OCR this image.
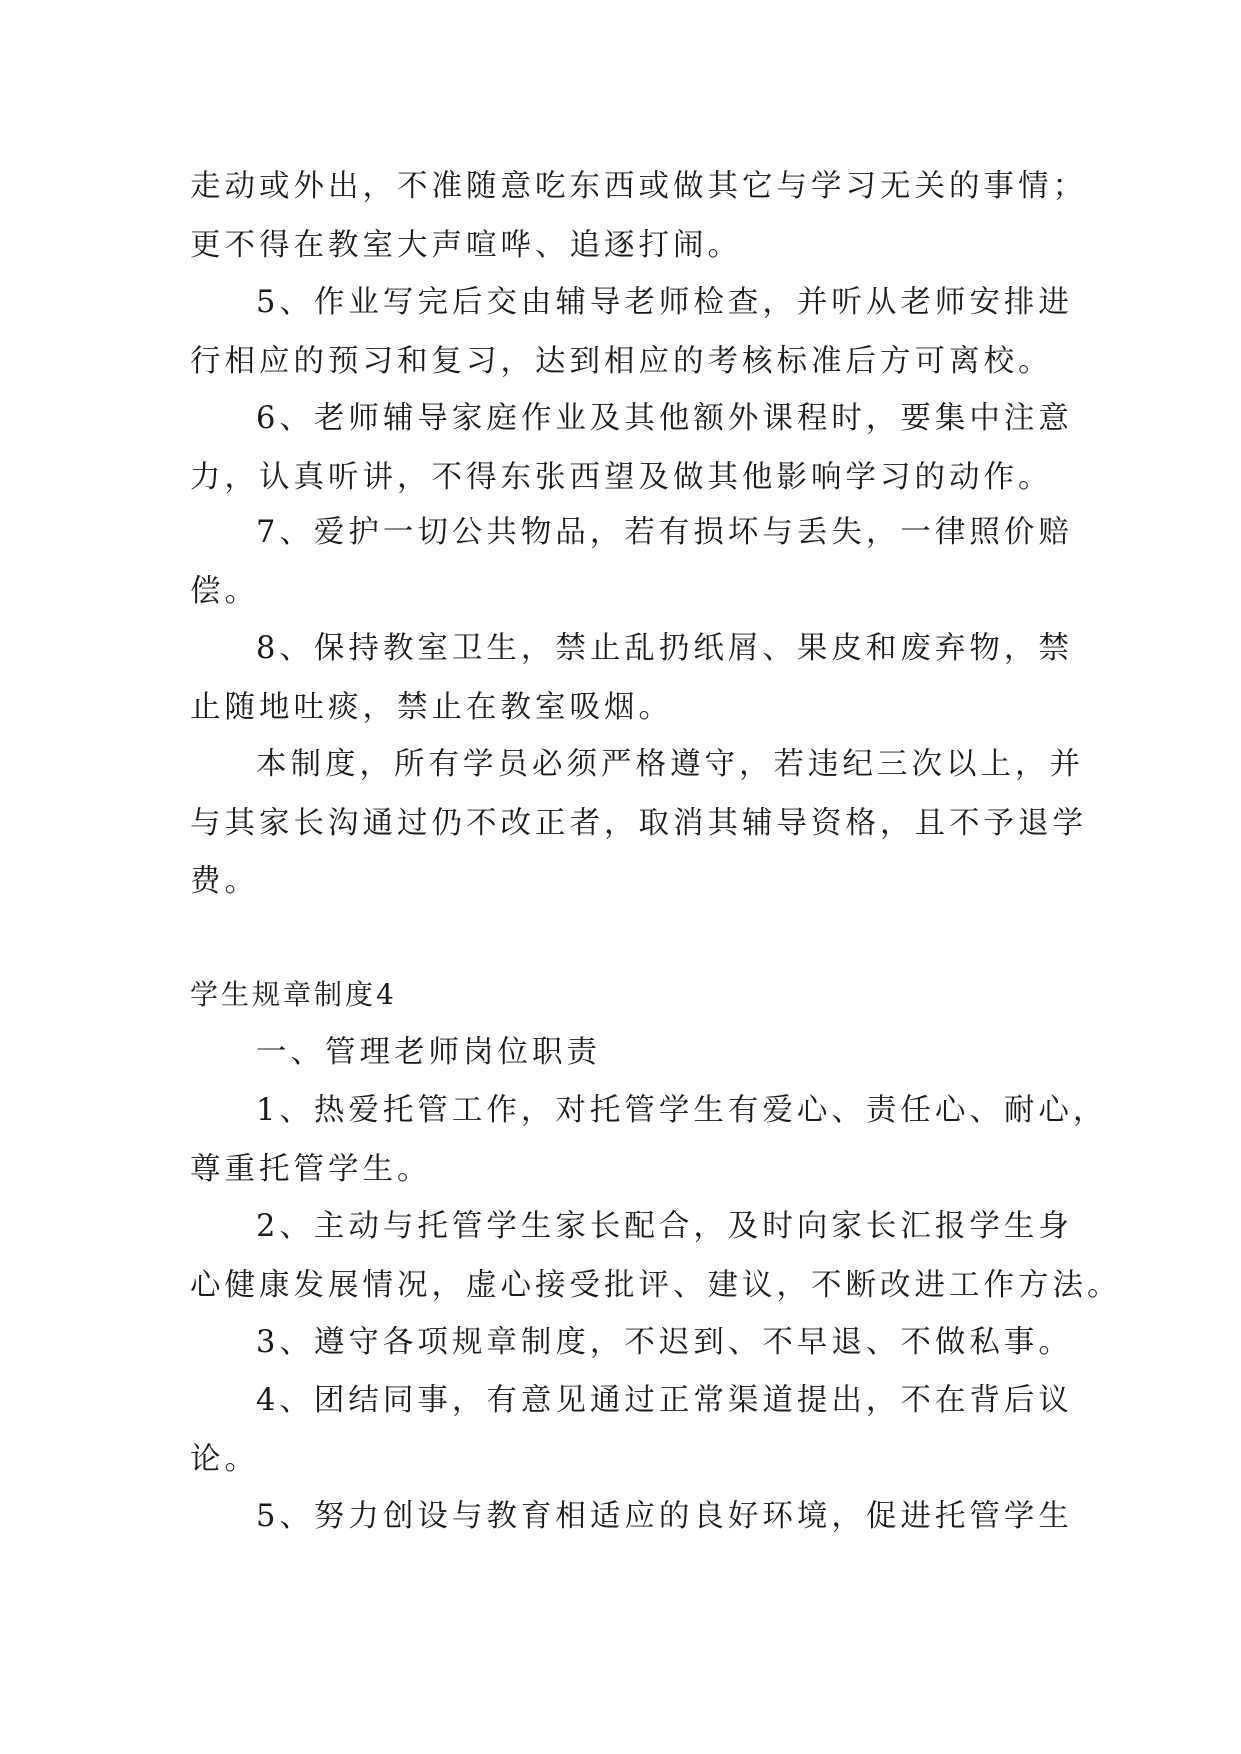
走动或外出，不准随意吃东西或做其它与学习无关的事情；
更不得在教室大声喧哗、追逐打闹。

5、作业写完后交由辅导老师检查，并听从老师安排进
行相应的预习和复习，达到相应的考核标准后方可离校。

6、老师辅导家庭作业及其他额外课程时，要集中注意
力，认真听讲，不得东张西望及做其他影响学习的动作。

7、爱护一切公共物品，若有损坏与丢失，一律照价赔
偿。

8、保持教室卫生，禁止乱扔纸屑、果皮和废弃物，禁
止随地吐痰，禁止在教室吸烟。

本制度，所有学员必须严格遵守，若违纪三次以上，并
与其家长沟通过仍不改正者，取消其辅导资格，且不予退学
费。

学生规章制度4

一、管理老师岗位职责

1、热爱托管工作，对托管学生有爱心、责任心、耐心，
尊重托管学生。

2、主动与托管学生家长配合，及时向家长汇报学生身
心健康发展情况，虚心接受批评、建议，不断改进工作方法。

3、遵守各项规章制度，不迟到、不早退、不做私事。

4、团结同事，有意见通过正常渠道提出，不在背后议
论。

5、努力创设与教育相适应的良好环境，促进托管学生
